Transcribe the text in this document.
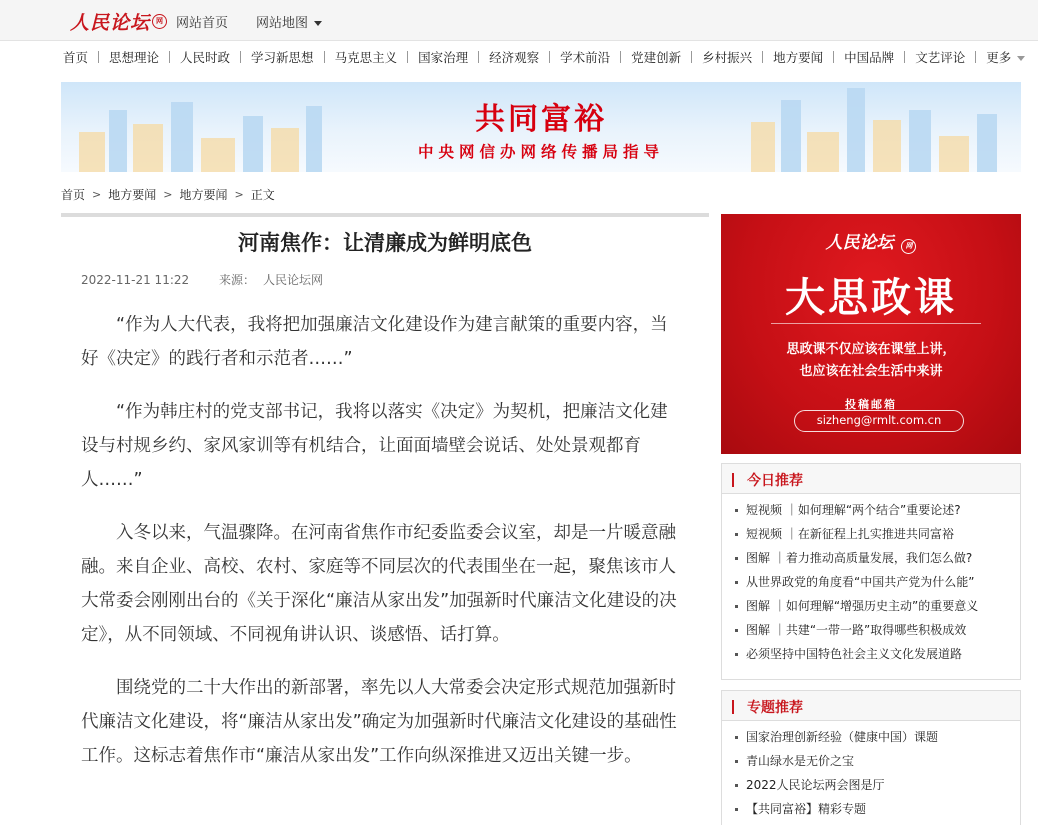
人民论坛 网 网站首页 网站地图
首页 思想理论 人民时政 学习新思想 马克思主义 国家治理 经济观察 学术前沿 党建创新 乡村振兴 地方要闻 中国品牌 文艺评论 更多
共同富裕
中央网信办网络传播局指导
首页 > 地方要闻 > 地方要闻 > 正文
河南焦作：让清廉成为鲜明底色
2022-11-21 11:22 来源： 人民论坛网

“作为人大代表，我将把加强廉洁文化建设作为建言献策的重要内容，当好《决定》的践行者和示范者……”

“作为韩庄村的党支部书记，我将以落实《决定》为契机，把廉洁文化建设与村规乡约、家风家训等有机结合，让面面墙壁会说话、处处景观都育人……”

入冬以来，气温骤降。在河南省焦作市纪委监委会议室，却是一片暖意融融。来自企业、高校、农村、家庭等不同层次的代表围坐在一起，聚焦该市人大常委会刚刚出台的《关于深化“廉洁从家出发”加强新时代廉洁文化建设的决定》，从不同领域、不同视角讲认识、谈感悟、话打算。

围绕党的二十大作出的新部署，率先以人大常委会决定形式规范加强新时代廉洁文化建设，将“廉洁从家出发”确定为加强新时代廉洁文化建设的基础性工作。这标志着焦作市“廉洁从家出发”工作向纵深推进又迈出关键一步。

人民论坛 网
大思政课
思政课不仅应该在课堂上讲，
也应该在社会生活中来讲
投稿邮箱
sizheng@rmlt.com.cn
今日推荐
短视频 ｜如何理解“两个结合”重要论述?
短视频 ｜在新征程上扎实推进共同富裕
图解 ｜着力推动高质量发展，我们怎么做?
从世界政党的角度看“中国共产党为什么能”
图解 ｜如何理解“增强历史主动”的重要意义
图解 ｜共建“一带一路”取得哪些积极成效
必须坚持中国特色社会主义文化发展道路
专题推荐
国家治理创新经验（健康中国）课题
青山绿水是无价之宝
2022人民论坛两会图是厅
【共同富裕】精彩专题
